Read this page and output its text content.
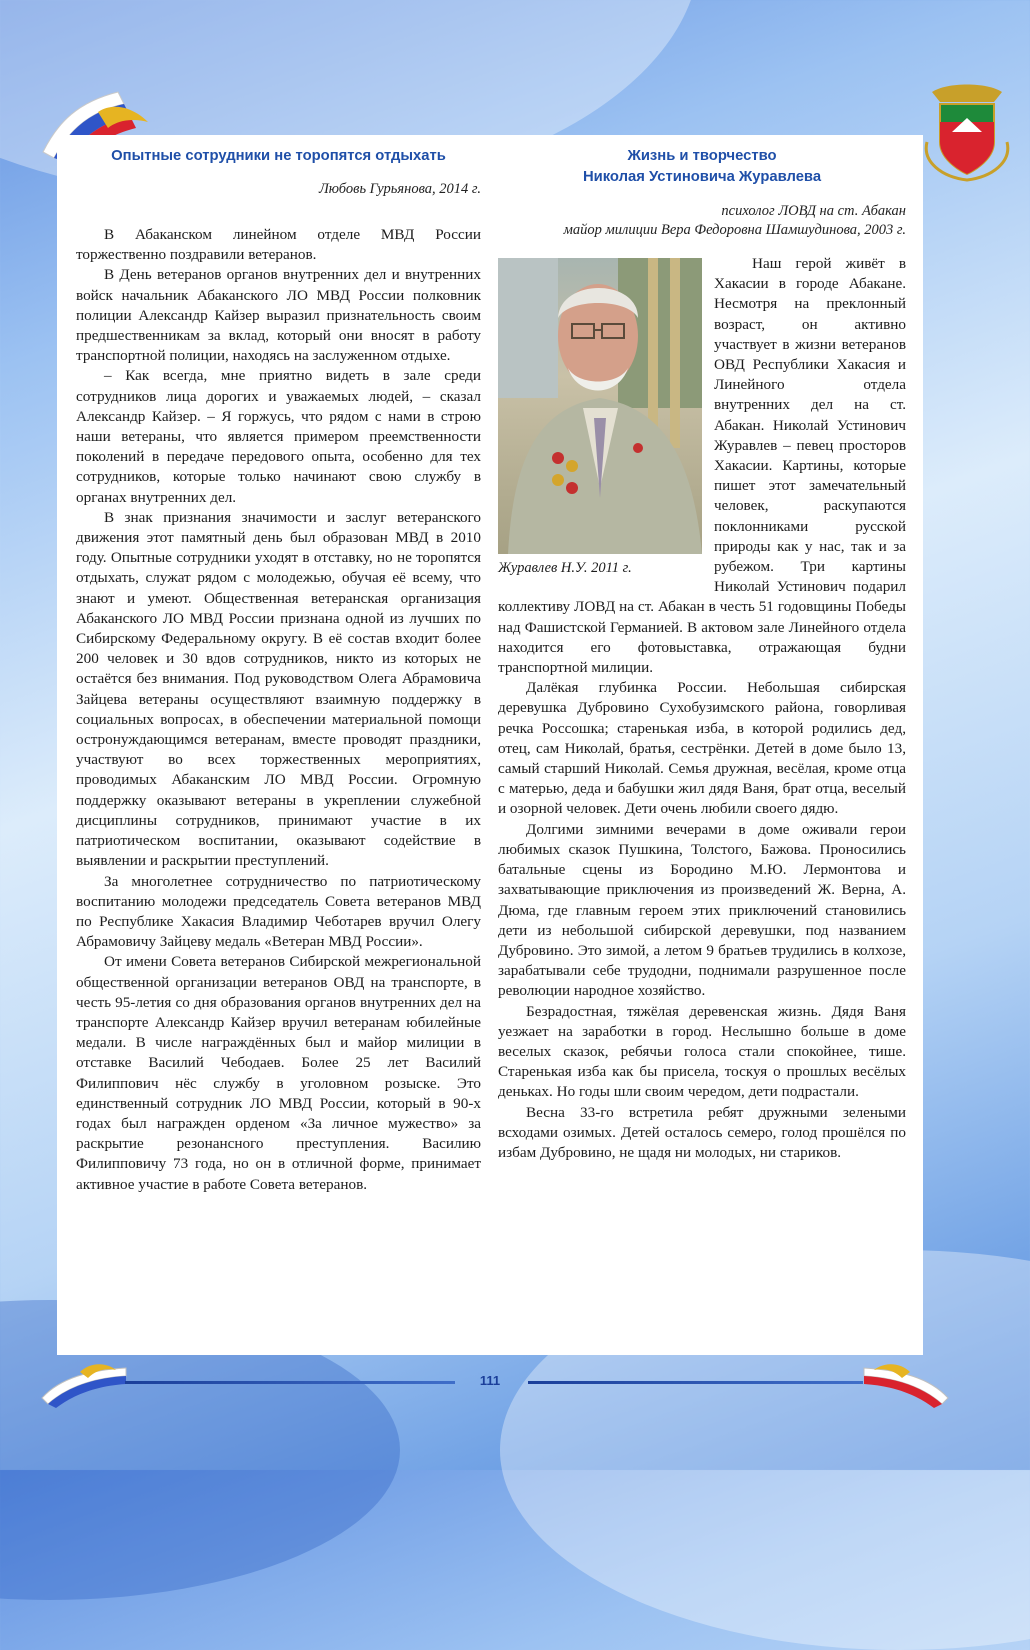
Опытные сотрудники не торопятся отдыхать
Любовь Гурьянова, 2014 г.

В Абаканском линейном отделе МВД России торжественно поздравили ветеранов.

В День ветеранов органов внутренних дел и внутренних войск начальник Абаканского ЛО МВД России полковник полиции Александр Кайзер выразил признательность своим предшественникам за вклад, который они вносят в работу транспортной полиции, находясь на заслуженном отдыхе.

– Как всегда, мне приятно видеть в зале среди сотрудников лица дорогих и уважаемых людей, – сказал Александр Кайзер. – Я горжусь, что рядом с нами в строю наши ветераны, что является примером преемственности поколений в передаче передового опыта, особенно для тех сотрудников, которые только начинают свою службу в органах внутренних дел.

В знак признания значимости и заслуг ветеранского движения этот памятный день был образован МВД в 2010 году. Опытные сотрудники уходят в отставку, но не торопятся отдыхать, служат рядом с молодежью, обучая её всему, что знают и умеют. Общественная ветеранская организация Абаканского ЛО МВД России признана одной из лучших по Сибирскому Федеральному округу. В её состав входит более 200 человек и 30 вдов сотрудников, никто из которых не остаётся без внимания. Под руководством Олега Абрамовича Зайцева ветераны осуществляют взаимную поддержку в социальных вопросах, в обеспечении материальной помощи остронуждающимся ветеранам, вместе проводят праздники, участвуют во всех торжественных мероприятиях, проводимых Абаканским ЛО МВД России. Огромную поддержку оказывают ветераны в укреплении служебной дисциплины сотрудников, принимают участие в их патриотическом воспитании, оказывают содействие в выявлении и раскрытии преступлений.

За многолетнее сотрудничество по патриотическому воспитанию молодежи председатель Совета ветеранов МВД по Республике Хакасия Владимир Чеботарев вручил Олегу Абрамовичу Зайцеву медаль «Ветеран МВД России».

От имени Совета ветеранов Сибирской межрегиональной общественной организации ветеранов ОВД на транспорте, в честь 95-летия со дня образования органов внутренних дел на транспорте Александр Кайзер вручил ветеранам юбилейные медали. В числе награждённых был и майор милиции в отставке Василий Чебодаев. Более 25 лет Василий Филиппович нёс службу в уголовном розыске. Это единственный сотрудник ЛО МВД России, который в 90-х годах был награжден орденом «За личное мужество» за раскрытие резонансного преступления. Василию Филипповичу 73 года, но он в отличной форме, принимает активное участие в работе Совета ветеранов.

Жизнь и творчество
Николая Устиновича Журавлева
психолог ЛОВД на ст. Абакан
майор милиции Вера Федоровна Шамшудинова, 2003 г.
Журавлев Н.У. 2011 г.

Наш герой живёт в Хакасии в городе Абакане. Несмотря на преклонный возраст, он активно участвует в жизни ветеранов ОВД Республики Хакасия и Линейного отдела внутренних дел на ст. Абакан. Николай Устинович Журавлев – певец просторов Хакасии. Картины, которые пишет этот замечательный человек, раскупаются поклонниками русской природы как у нас, так и за рубежом. Три картины Николай Устинович подарил коллективу ЛОВД на ст. Абакан в честь 51 годовщины Победы над Фашистской Германией. В актовом зале Линейного отдела находится его фотовыставка, отражающая будни транспортной милиции.

Далёкая глубинка России. Небольшая сибирская деревушка Дубровино Сухобузимского района, говорливая речка Россошка; старенькая изба, в которой родились дед, отец, сам Николай, братья, сестрёнки. Детей в доме было 13, самый старший Николай. Семья дружная, весёлая, кроме отца с матерью, деда и бабушки жил дядя Ваня, брат отца, веселый и озорной человек. Дети очень любили своего дядю.

Долгими зимними вечерами в доме оживали герои любимых сказок Пушкина, Толстого, Бажова. Проносились батальные сцены из Бородино М.Ю. Лермонтова и захватывающие приключения из произведений Ж. Верна, А. Дюма, где главным героем этих приключений становились дети из небольшой сибирской деревушки, под названием Дубровино. Это зимой, а летом 9 братьев трудились в колхозе, зарабатывали себе трудодни, поднимали разрушенное после революции народное хозяйство.

Безрадостная, тяжёлая деревенская жизнь. Дядя Ваня уезжает на заработки в город. Неслышно больше в доме веселых сказок, ребячьи голоса стали спокойнее, тише. Старенькая изба как бы присела, тоскуя о прошлых весёлых деньках. Но годы шли своим чередом, дети подрастали.

Весна 33-го встретила ребят дружными зелеными всходами озимых. Детей осталось семеро, голод прошёлся по избам Дубровино, не щадя ни молодых, ни стариков.

111
